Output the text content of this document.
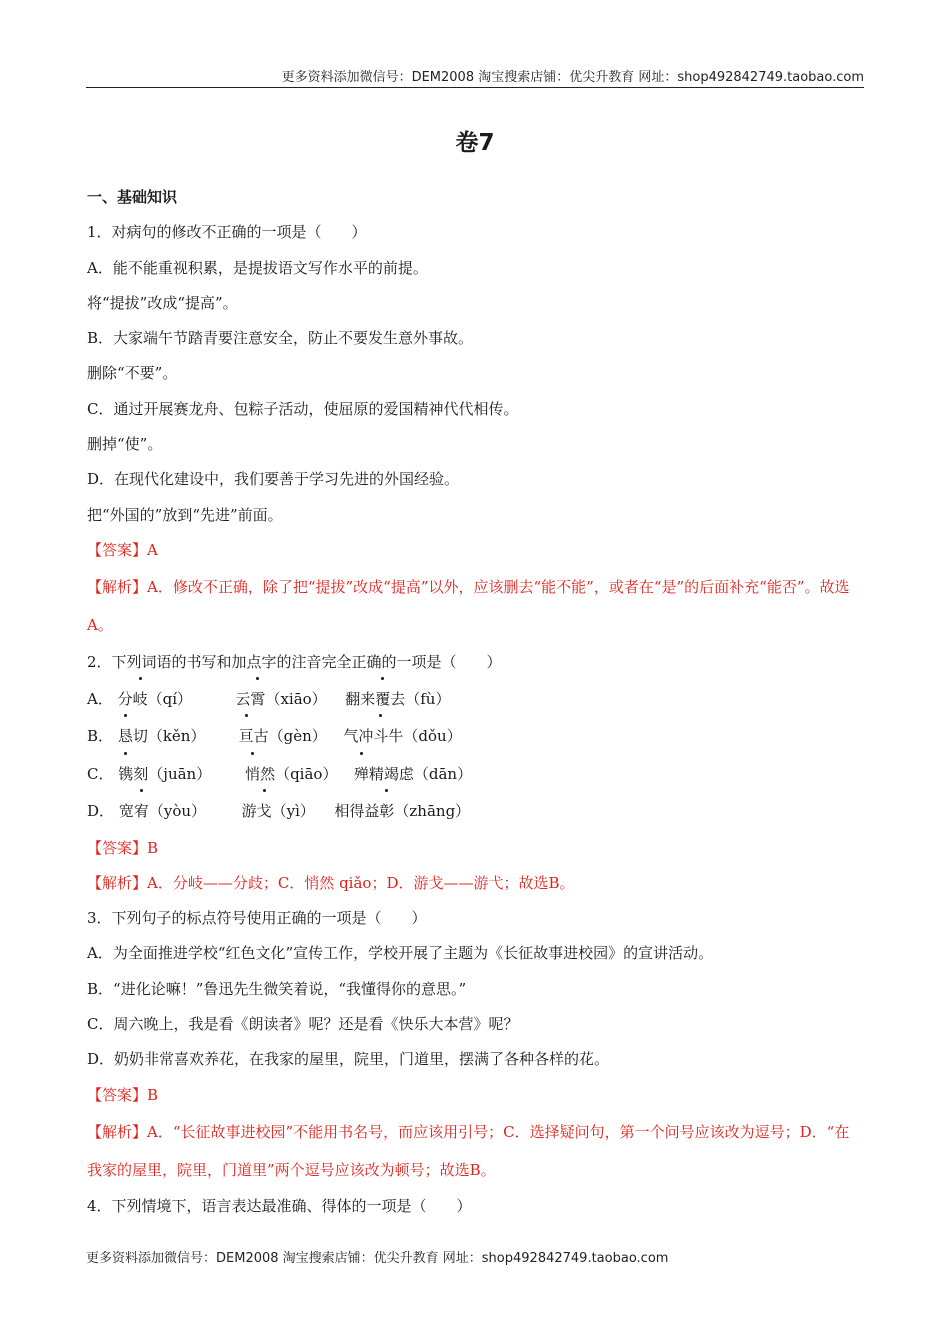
更多资料添加微信号：DEM2008 淘宝搜索店铺：优尖升教育 网址：shop492842749.taobao.com
卷7
一、基础知识
1．对病句的修改不正确的一项是（　　）
A．能不能重视积累，是提拔语文写作水平的前提。
将“提拔”改成“提高”。
B．大家端午节踏青要注意安全，防止不要发生意外事故。
删除“不要”。
C．通过开展赛龙舟、包粽子活动，使屈原的爱国精神代代相传。
删掉“使”。
D．在现代化建设中，我们要善于学习先进的外国经验。
把“外国的”放到“先进”前面。
【答案】A
【解析】A．修改不正确，除了把“提拔”改成“提高”以外，应该删去“能不能”，或者在“是”的后面补充“能否”。故选A。
2．下列词语的书写和加点字的注音完全正确的一项是（　　）
A． 分岐（qí）	云霄（xiāo） 翻来覆去（fù）
B． 恳切（kěn） 亘古（gèn） 气冲斗牛（dǒu）
C． 镌刻（juān） 悄然（qiāo） 殚精竭虑（dān）
D． 宽宥（yòu） 游戈（yì） 相得益彰（zhāng）
【答案】B
【解析】A．分岐——分歧；C．悄然 qiǎo；D．游戈——游弋；故选B。
3．下列句子的标点符号使用正确的一项是（　　）
A．为全面推进学校“红色文化”宣传工作，学校开展了主题为《长征故事进校园》的宣讲活动。
B．“进化论嘛！”鲁迅先生微笑着说，“我懂得你的意思。”
C．周六晚上，我是看《朗读者》呢？还是看《快乐大本营》呢？
D．奶奶非常喜欢养花，在我家的屋里，院里，门道里，摆满了各种各样的花。
【答案】B
【解析】A．“长征故事进校园”不能用书名号，而应该用引号；C．选择疑问句，第一个问号应该改为逗号；D．“在我家的屋里，院里，门道里”两个逗号应该改为顿号；故选B。
4．下列情境下，语言表达最准确、得体的一项是（　　）
更多资料添加微信号：DEM2008 淘宝搜索店铺：优尖升教育 网址：shop492842749.taobao.com
